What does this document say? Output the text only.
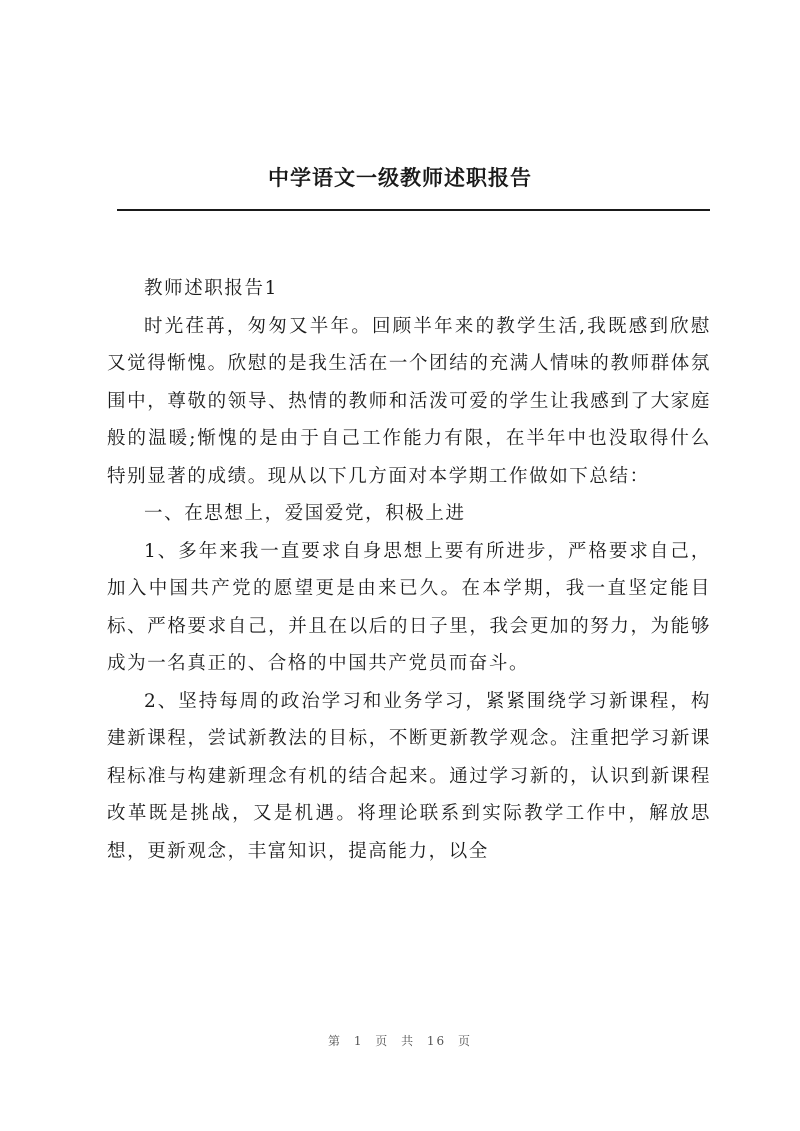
中学语文一级教师述职报告

教师述职报告1

时光荏苒，匆匆又半年。回顾半年来的教学生活,我既感到欣慰又觉得惭愧。欣慰的是我生活在一个团结的充满人情味的教师群体氛围中，尊敬的领导、热情的教师和活泼可爱的学生让我感到了大家庭般的温暖;惭愧的是由于自己工作能力有限，在半年中也没取得什么特别显著的成绩。现从以下几方面对本学期工作做如下总结：

一、在思想上，爱国爱党，积极上进

1、多年来我一直要求自身思想上要有所进步，严格要求自己，加入中国共产党的愿望更是由来已久。在本学期，我一直坚定能目标、严格要求自己，并且在以后的日子里，我会更加的努力，为能够成为一名真正的、合格的中国共产党员而奋斗。

2、坚持每周的政治学习和业务学习，紧紧围绕学习新课程，构建新课程，尝试新教法的目标，不断更新教学观念。注重把学习新课程标准与构建新理念有机的结合起来。通过学习新的，认识到新课程改革既是挑战，又是机遇。将理论联系到实际教学工作中，解放思想，更新观念，丰富知识，提高能力，以全

第 1 页 共 16 页
